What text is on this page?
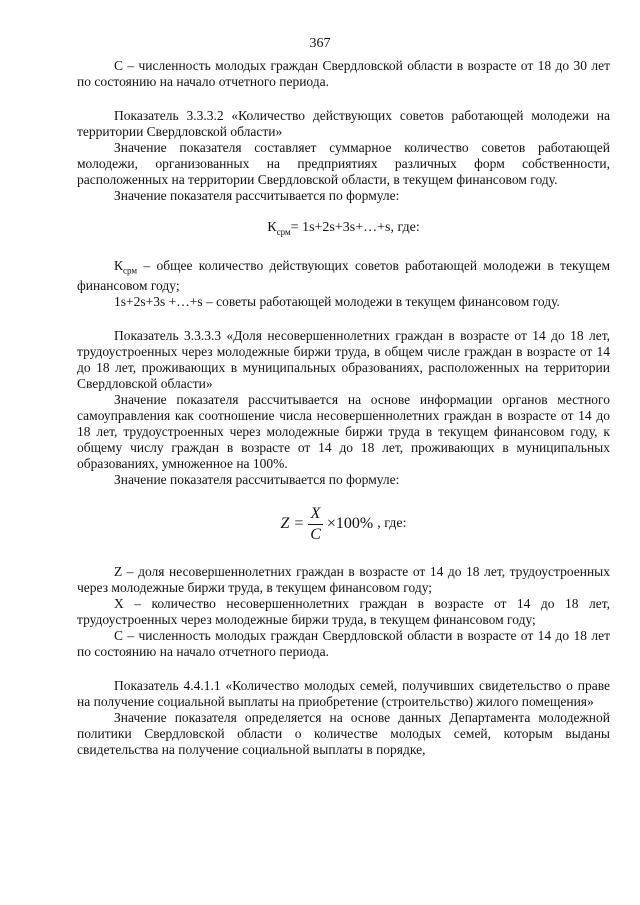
367

С – численность молодых граждан Свердловской области в возрасте от 18 до 30 лет по состоянию на начало отчетного периода.

Показатель 3.3.3.2 «Количество действующих советов работающей молодежи на территории Свердловской области»

Значение показателя составляет суммарное количество советов работающей молодежи, организованных на предприятиях различных форм собственности, расположенных на территории Свердловской области, в текущем финансовом году.

Значение показателя рассчитывается по формуле:

$К_{срм}=$ 1s+2s+3s+…+s, где:

$К_{срм}$ – общее количество действующих советов работающей молодежи в текущем финансовом году;

1s+2s+3s +…+s – советы работающей молодежи в текущем финансовом году.

Показатель 3.3.3.3 «Доля несовершеннолетних граждан в возрасте от 14 до 18 лет, трудоустроенных через молодежные биржи труда, в общем числе граждан в возрасте от 14 до 18 лет, проживающих в муниципальных образованиях, расположенных на территории Свердловской области»

Значение показателя рассчитывается на основе информации органов местного самоуправления как соотношение числа несовершеннолетних граждан в возрасте от 14 до 18 лет, трудоустроенных через молодежные биржи труда в текущем финансовом году, к общему числу граждан в возрасте от 14 до 18 лет, проживающих в муниципальных образованиях, умноженное на 100%.

Значение показателя рассчитывается по формуле:

$Z = \frac{X}{C} \times 100\%$ , где:

Z – доля несовершеннолетних граждан в возрасте от 14 до 18 лет, трудоустроенных через молодежные биржи труда, в текущем финансовом году;

X – количество несовершеннолетних граждан в возрасте от 14 до 18 лет, трудоустроенных через молодежные биржи труда, в текущем финансовом году;

С – численность молодых граждан Свердловской области в возрасте от 14 до 18 лет по состоянию на начало отчетного периода.

Показатель 4.4.1.1 «Количество молодых семей, получивших свидетельство о праве на получение социальной выплаты на приобретение (строительство) жилого помещения»

Значение показателя определяется на основе данных Департамента молодежной политики Свердловской области о количестве молодых семей, которым выданы свидетельства на получение социальной выплаты в порядке,
